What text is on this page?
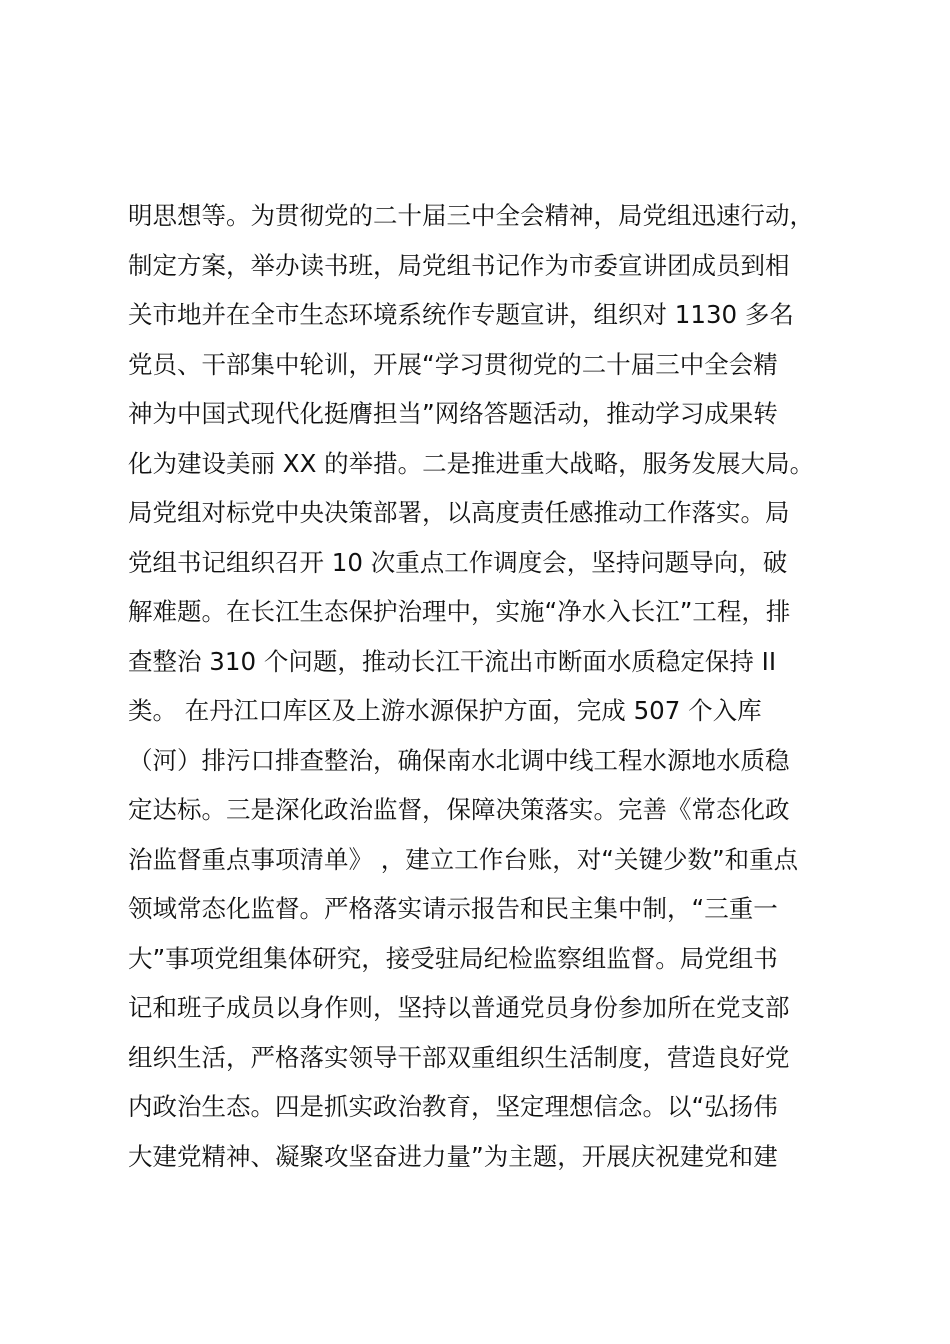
明思想等。为贯彻党的二十届三中全会精神，局党组迅速行动，
制定方案，举办读书班，局党组书记作为市委宣讲团成员到相
关市地并在全市生态环境系统作专题宣讲，组织对 1130 多名
党员、干部集中轮训，开展“学习贯彻党的二十届三中全会精
神为中国式现代化挺膺担当”网络答题活动，推动学习成果转
化为建设美丽 XX 的举措。二是推进重大战略，服务发展大局。
局党组对标党中央决策部署，以高度责任感推动工作落实。局
党组书记组织召开 10 次重点工作调度会，坚持问题导向，破
解难题。在长江生态保护治理中，实施“净水入长江”工程，排
查整治 310 个问题，推动长江干流出市断面水质稳定保持 II
类。 在丹江口库区及上游水源保护方面，完成 507 个入库
（河）排污口排查整治，确保南水北调中线工程水源地水质稳
定达标。三是深化政治监督，保障决策落实。完善《常态化政
治监督重点事项清单》 ，建立工作台账，对“关键少数”和重点
领域常态化监督。严格落实请示报告和民主集中制，“三重一
大”事项党组集体研究，接受驻局纪检监察组监督。局党组书
记和班子成员以身作则，坚持以普通党员身份参加所在党支部
组织生活，严格落实领导干部双重组织生活制度，营造良好党
内政治生态。四是抓实政治教育，坚定理想信念。以“弘扬伟
大建党精神、凝聚攻坚奋进力量”为主题，开展庆祝建党和建
